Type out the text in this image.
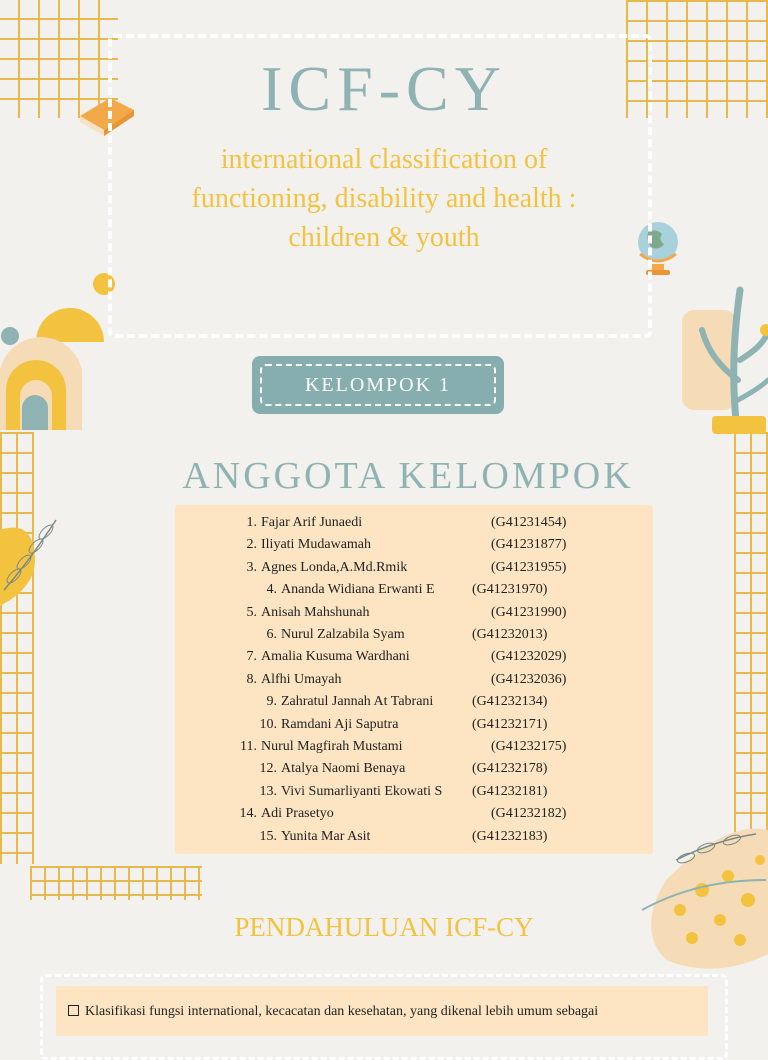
ICF-CY
international classification of
functioning, disability and health :
children & youth
KELOMPOK 1
ANGGOTA KELOMPOK
1. Fajar Arif Junaedi	(G41231454)
2. Iliyati Mudawamah	(G41231877)
3. Agnes Londa,A.Md.Rmik	(G41231955)
4. Ananda Widiana Erwanti E	(G41231970)
5. Anisah Mahshunah	(G41231990)
6. Nurul Zalzabila Syam	(G41232013)
7. Amalia Kusuma Wardhani	(G41232029)
8. Alfhi Umayah	(G41232036)
9. Zahratul Jannah At Tabrani	(G41232134)
10. Ramdani Aji Saputra	(G41232171)
11. Nurul Magfirah Mustami	(G41232175)
12. Atalya Naomi Benaya	(G41232178)
13. Vivi Sumarliyanti Ekowati S (G41232181)
14. Adi Prasetyo	(G41232182)
15. Yunita Mar Asit	(G41232183)
PENDAHULUAN ICF-CY
Klasifikasi fungsi international, kecacatan dan kesehatan, yang dikenal lebih umum sebagai
